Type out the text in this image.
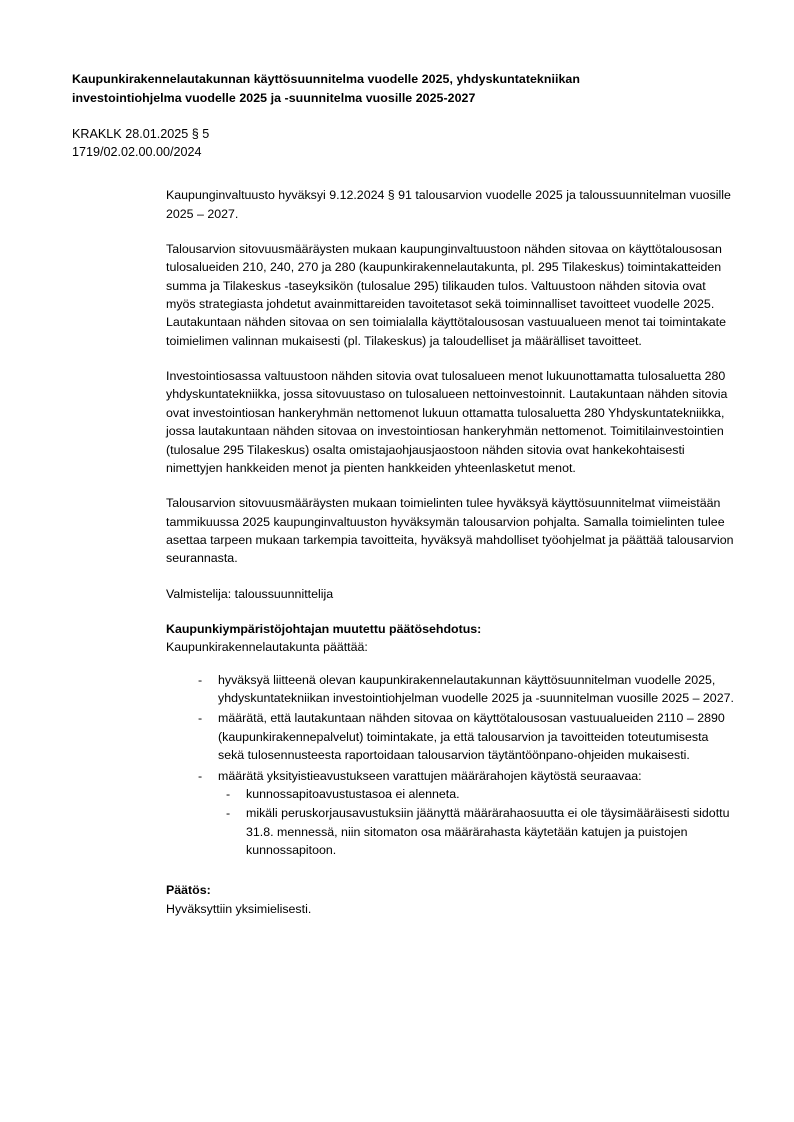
Kaupunkirakennelautakunnan käyttösuunnitelma vuodelle 2025, yhdyskuntatekniikan investointiohjelma vuodelle 2025 ja -suunnitelma vuosille 2025-2027
KRAKLK 28.01.2025 § 5
1719/02.02.00.00/2024

Kaupunginvaltuusto hyväksyi 9.12.2024 § 91 talousarvion vuodelle 2025 ja taloussuunnitelman vuosille 2025 – 2027.

Talousarvion sitovuusmääräysten mukaan kaupunginvaltuustoon nähden sitovaa on käyttötalousosan tulosalueiden 210, 240, 270 ja 280 (kaupunkirakennelautakunta, pl. 295 Tilakeskus) toimintakatteiden summa ja Tilakeskus -taseyksikön (tulosalue 295) tilikauden tulos. Valtuustoon nähden sitovia ovat myös strategiasta johdetut avainmittareiden tavoitetasot sekä toiminnalliset tavoitteet vuodelle 2025. Lautakuntaan nähden sitovaa on sen toimialalla käyttötalousosan vastuualueen menot tai toimintakate toimielimen valinnan mukaisesti (pl. Tilakeskus) ja taloudelliset ja määrälliset tavoitteet.

Investointiosassa valtuustoon nähden sitovia ovat tulosalueen menot lukuunottamatta tulosaluetta 280 yhdyskuntatekniikka, jossa sitovuustaso on tulosalueen nettoinvestoinnit. Lautakuntaan nähden sitovia ovat investointiosan hankeryhmän nettomenot lukuun ottamatta tulosaluetta 280 Yhdyskuntatekniikka, jossa lautakuntaan nähden sitovaa on investointiosan hankeryhmän nettomenot. Toimitilainvestointien (tulosalue 295 Tilakeskus) osalta omistajaohjausjaostoon nähden sitovia ovat hankekohtaisesti nimettyjen hankkeiden menot ja pienten hankkeiden yhteenlasketut menot.

Talousarvion sitovuusmääräysten mukaan toimielinten tulee hyväksyä käyttösuunnitelmat viimeistään tammikuussa 2025 kaupunginvaltuuston hyväksymän talousarvion pohjalta. Samalla toimielinten tulee asettaa tarpeen mukaan tarkempia tavoitteita, hyväksyä mahdolliset työohjelmat ja päättää talousarvion seurannasta.

Valmistelija: taloussuunnittelija

Kaupunkiympäristöjohtajan muutettu päätösehdotus:
Kaupunkirakennelautakunta päättää:
- hyväksyä liitteenä olevan kaupunkirakennelautakunnan käyttösuunnitelman vuodelle 2025, yhdyskuntatekniikan investointiohjelman vuodelle 2025 ja -suunnitelman vuosille 2025 – 2027.
- määrätä, että lautakuntaan nähden sitovaa on käyttötalousosan vastuualueiden 2110 – 2890 (kaupunkirakennepalvelut) toimintakate, ja että talousarvion ja tavoitteiden toteutumisesta sekä tulosennusteesta raportoidaan talousarvion täytäntöönpano-ohjeiden mukaisesti.
- määrätä yksityistieavustukseen varattujen määrärahojen käytöstä seuraavaa:
- kunnossapitoavustustasoa ei alenneta.
- mikäli peruskorjausavustuksiin jäänyttä määrärahaosuutta ei ole täysimääräisesti sidottu 31.8. mennessä, niin sitomaton osa määrärahasta käytetään katujen ja puistojen kunnossapitoon.
Päätös:

Hyväksyttiin yksimielisesti.
